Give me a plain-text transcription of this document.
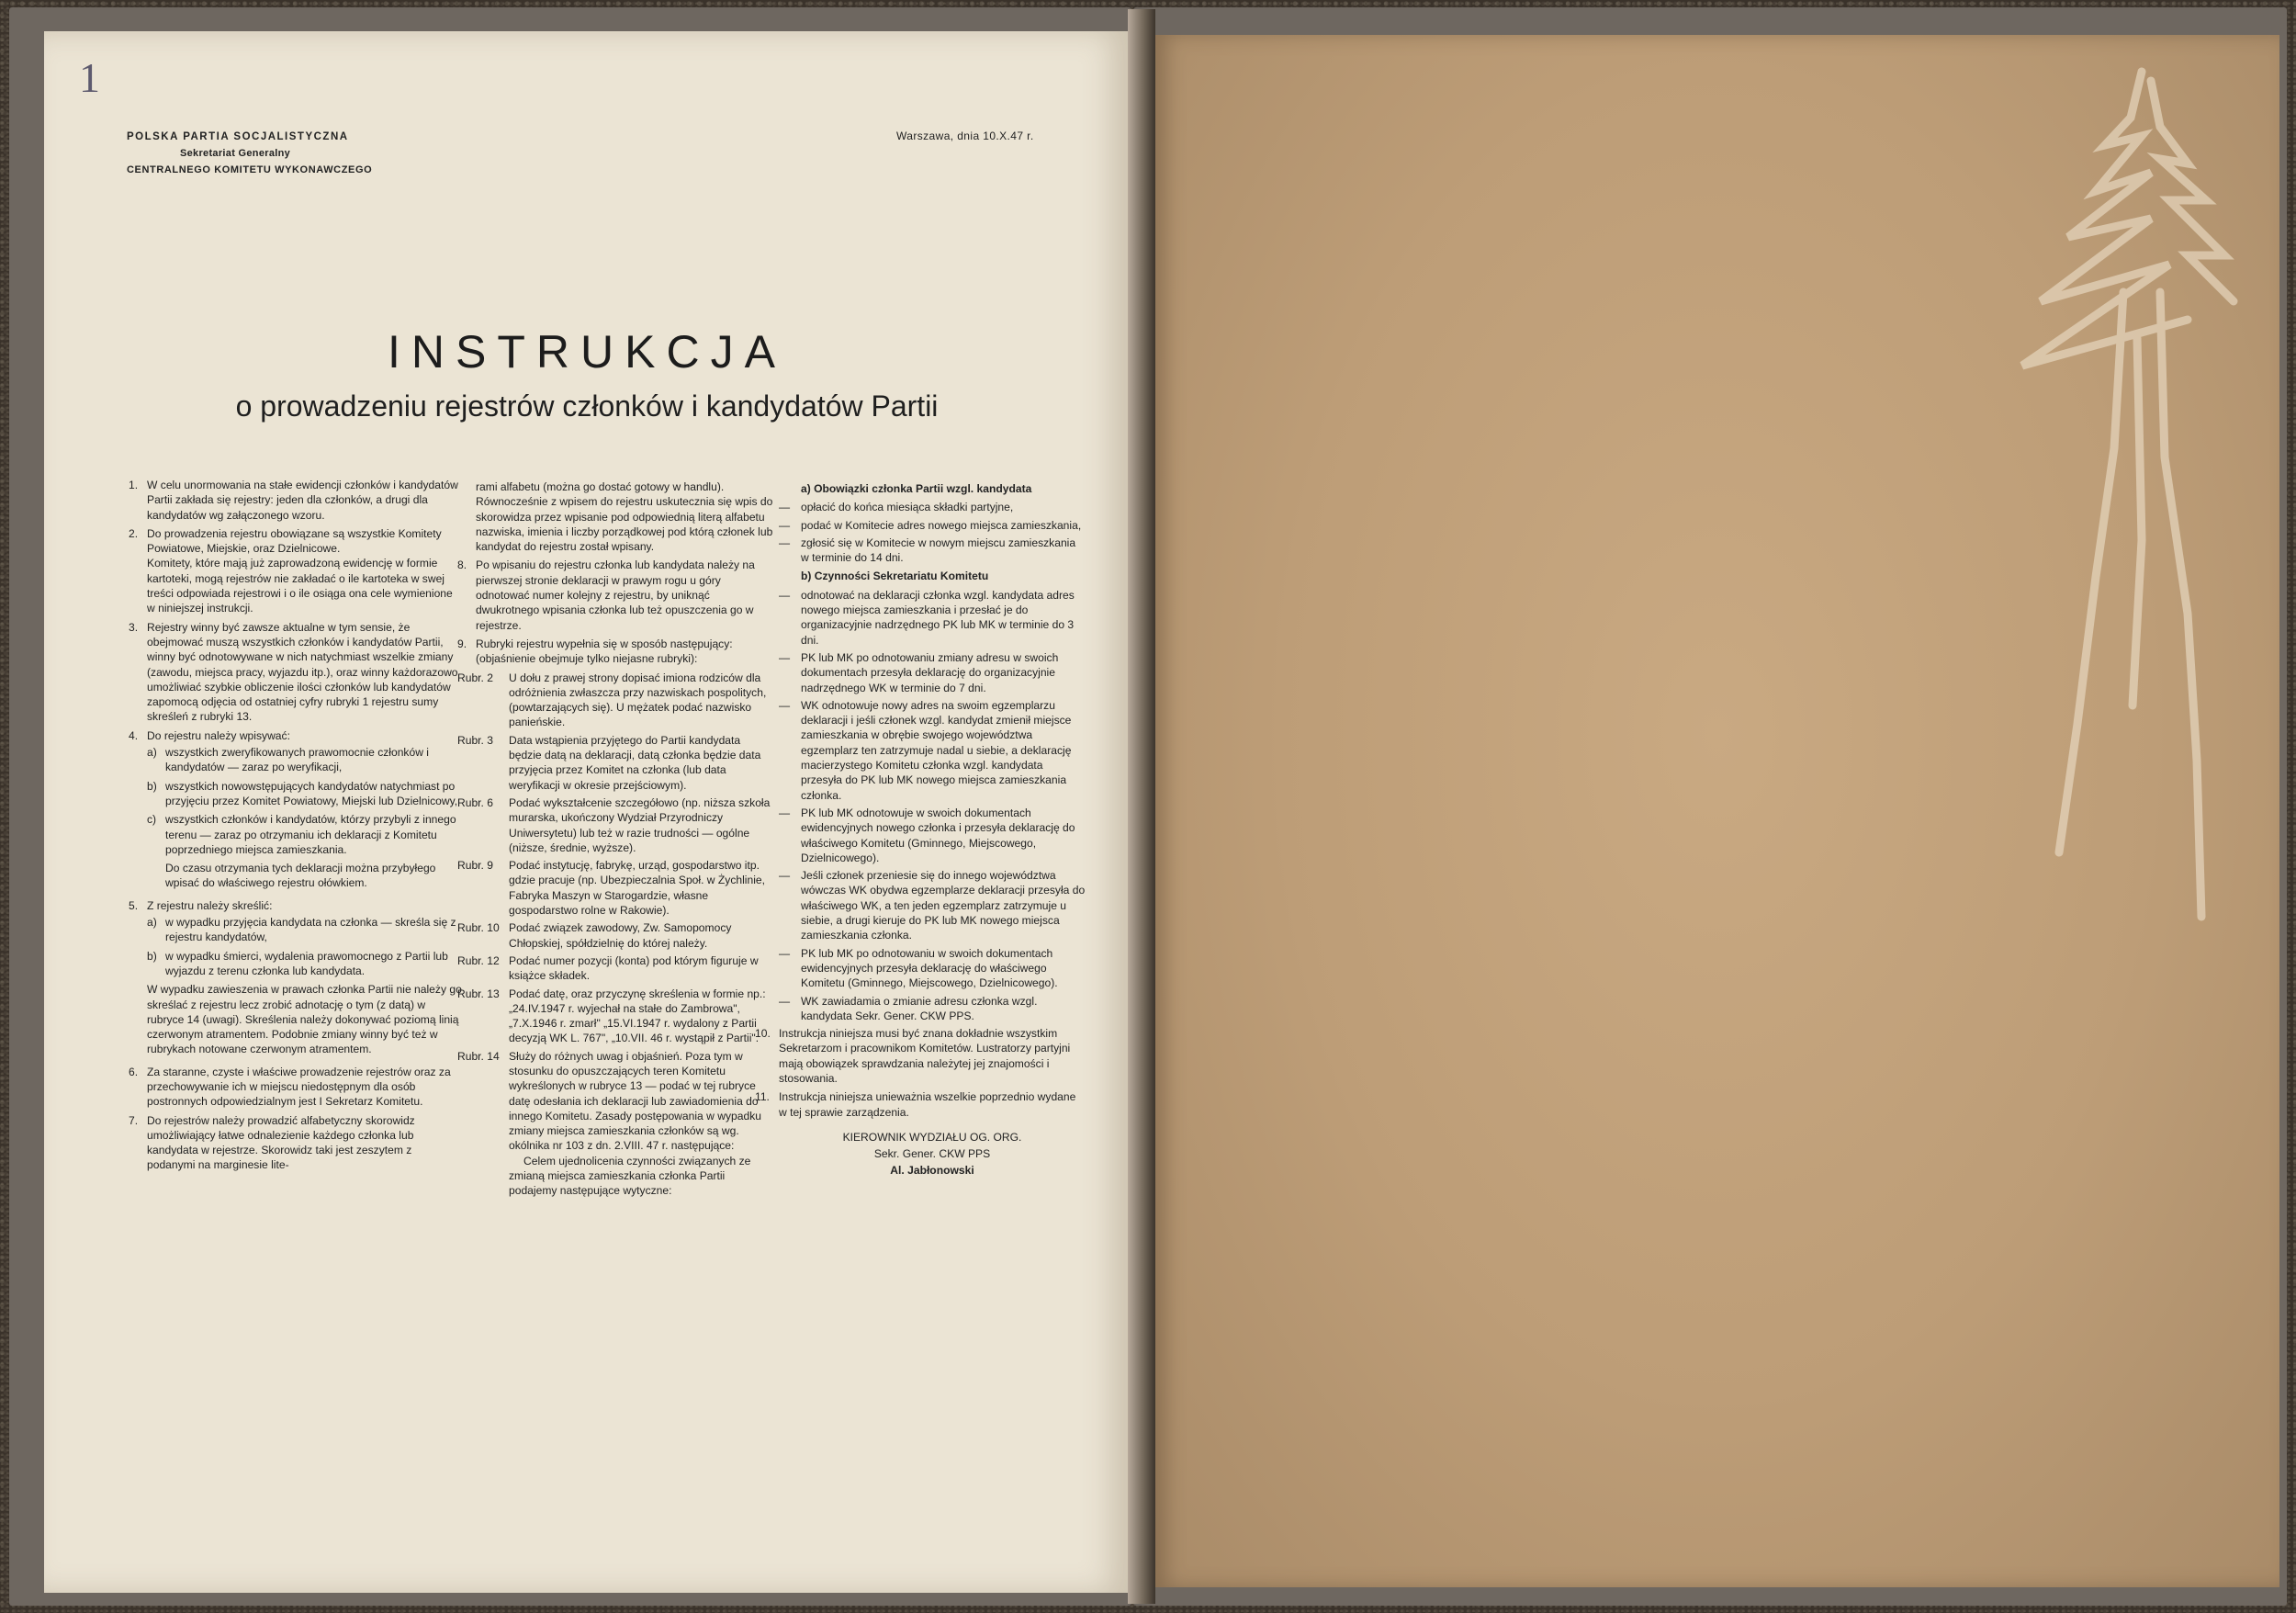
1
POLSKA PARTIA SOCJALISTYCZNA
Sekretariat Generalny
CENTRALNEGO KOMITETU WYKONAWCZEGO
Warszawa, dnia 10.X.47 r.
INSTRUKCJA
o prowadzeniu rejestrów członków i kandydatów Partii
1. W celu unormowania na stałe ewidencji członków i kandydatów Partii zakłada się rejestry: jeden dla członków, a drugi dla kandydatów wg załączonego wzoru.
2. Do prowadzenia rejestru obowiązane są wszystkie Komitety Powiatowe, Miejskie, oraz Dzielnicowe.
Komitety, które mają już zaprowadzoną ewidencję w formie kartoteki, mogą rejestrów nie zakładać o ile kartoteka w swej treści odpowiada rejestrowi i o ile osiąga ona cele wymienione w niniejszej instrukcji.
3. Rejestry winny być zawsze aktualne w tym sensie, że obejmować muszą wszystkich członków i kandydatów Partii, winny być odnotowywane w nich natychmiast wszelkie zmiany (zawodu, miejsca pracy, wyjazdu itp.), oraz winny każdorazowo umożliwiać szybkie obliczenie ilości członków lub kandydatów zapomocą odjęcia od ostatniej cyfry rubryki 1 rejestru sumy skreśleń z rubryki 13.
4. Do rejestru należy wpisywać:
a) wszystkich zweryfikowanych prawomocnie członków i kandydatów — zaraz po weryfikacji,
b) wszystkich nowowstępujących kandydatów natychmiast po przyjęciu przez Komitet Powiatowy, Miejski lub Dzielnicowy,
c) wszystkich członków i kandydatów, którzy przybyli z innego terenu — zaraz po otrzymaniu ich deklaracji z Komitetu poprzedniego miejsca zamieszkania.
Do czasu otrzymania tych deklaracji można przybyłego wpisać do właściwego rejestru ołówkiem.
5. Z rejestru należy skreślić:
a) w wypadku przyjęcia kandydata na członka — skreśla się z rejestru kandydatów,
b) w wypadku śmierci, wydalenia prawomocnego z Partii lub wyjazdu z terenu członka lub kandydata.
W wypadku zawieszenia w prawach członka Partii nie należy go skreślać z rejestru lecz zrobić adnotację o tym (z datą) w rubryce 14 (uwagi). Skreślenia należy dokonywać poziomą linią czerwonym atramentem. Podobnie zmiany winny być też w rubrykach notowane czerwonym atramentem.
6. Za staranne, czyste i właściwe prowadzenie rejestrów oraz za przechowywanie ich w miejscu niedostępnym dla osób postronnych odpowiedzialnym jest I Sekretarz Komitetu.
7. Do rejestrów należy prowadzić alfabetyczny skorowidz umożliwiający łatwe odnalezienie każdego członka lub kandydata w rejestrze. Skorowidz taki jest zeszytem z podanymi na marginesie lite-
rami alfabetu (można go dostać gotowy w handlu). Równocześnie z wpisem do rejestru uskutecznia się wpis do skorowidza przez wpisanie pod odpowiednią literą alfabetu nazwiska, imienia i liczby porządkowej pod którą członek lub kandydat do rejestru został wpisany.
8. Po wpisaniu do rejestru członka lub kandydata należy na pierwszej stronie deklaracji w prawym rogu u góry odnotować numer kolejny z rejestru, by uniknąć dwukrotnego wpisania członka lub też opuszczenia go w rejestrze.
9. Rubryki rejestru wypełnia się w sposób następujący: (objaśnienie obejmuje tylko niejasne rubryki):
Rubr. 2	U dołu z prawej strony dopisać imiona rodziców dla odróżnienia zwłaszcza przy nazwiskach pospolitych, (powtarzających się). U mężatek podać nazwisko panieńskie.
Rubr. 3	Data wstąpienia przyjętego do Partii kandydata będzie datą na deklaracji, datą członka będzie data przyjęcia przez Komitet na członka (lub data weryfikacji w okresie przejściowym).
Rubr. 6	Podać wykształcenie szczegółowo (np. niższa szkoła murarska, ukończony Wydział Przyrodniczy Uniwersytetu) lub też w razie trudności — ogólne (niższe, średnie, wyższe).
Rubr. 9	Podać instytucję, fabrykę, urząd, gospodarstwo itp. gdzie pracuje (np. Ubezpieczalnia Społ. w Żychlinie, Fabryka Maszyn w Starogardzie, własne gospodarstwo rolne w Rakowie).
Rubr. 10 Podać związek zawodowy, Zw. Samopomocy Chłopskiej, spółdzielnię do której należy.
Rubr. 12 Podać numer pozycji (konta) pod którym figuruje w książce składek.
Rubr. 13 Podać datę, oraz przyczynę skreślenia w formie np.: „24.IV.1947 r. wyjechał na stałe do Zambrowa", „7.X.1946 r. zmarł" „15.VI.1947 r. wydalony z Partii decyzją WK L. 767", „10.VII. 46 r. wystąpił z Partii".
Rubr. 14 Służy do różnych uwag i objaśnień. Poza tym w stosunku do opuszczających teren Komitetu wykreślonych w rubryce 13 — podać w tej rubryce datę odesłania ich deklaracji lub zawiadomienia do innego Komitetu. Zasady postępowania w wypadku zmiany miejsca zamieszkania członków są wg. okólnika nr 103 z dn. 2.VIII. 47 r. następujące:
Celem ujednolicenia czynności związanych ze zmianą miejsca zamieszkania członka Partii podajemy następujące wytyczne:
a) Obowiązki członka Partii wzgl. kandydata
— opłacić do końca miesiąca składki partyjne,
— podać w Komitecie adres nowego miejsca zamieszkania,
— zgłosić się w Komitecie w nowym miejscu zamieszkania w terminie do 14 dni.
b) Czynności Sekretariatu Komitetu
— odnotować na deklaracji członka wzgl. kandydata adres nowego miejsca zamieszkania i przesłać je do organizacyjnie nadrzędnego PK lub MK w terminie do 3 dni.
— PK lub MK po odnotowaniu zmiany adresu w swoich dokumentach przesyła deklarację do organizacyjnie nadrzędnego WK w terminie do 7 dni.
— WK odnotowuje nowy adres na swoim egzemplarzu deklaracji i jeśli członek wzgl. kandydat zmienił miejsce zamieszkania w obrębie swojego województwa egzemplarz ten zatrzymuje nadal u siebie, a deklarację macierzystego Komitetu członka wzgl. kandydata przesyła do PK lub MK nowego miejsca zamieszkania członka.
— PK lub MK odnotowuje w swoich dokumentach ewidencyjnych nowego członka i przesyła deklarację do właściwego Komitetu (Gminnego, Miejscowego, Dzielnicowego).
— Jeśli członek przeniesie się do innego województwa wówczas WK obydwa egzemplarze deklaracji przesyła do właściwego WK, a ten jeden egzemplarz zatrzymuje u siebie, a drugi kieruje do PK lub MK nowego miejsca zamieszkania członka.
— PK lub MK po odnotowaniu w swoich dokumentach ewidencyjnych przesyła deklarację do właściwego Komitetu (Gminnego, Miejscowego, Dzielnicowego).
— WK zawiadamia o zmianie adresu członka wzgl. kandydata Sekr. Gener. CKW PPS.
10. Instrukcja niniejsza musi być znana dokładnie wszystkim Sekretarzom i pracownikom Komitetów. Lustratorzy partyjni mają obowiązek sprawdzania należytej jej znajomości i stosowania.
11. Instrukcja niniejsza unieważnia wszelkie poprzednio wydane w tej sprawie zarządzenia.
KIEROWNIK WYDZIAŁU OG. ORG.
Sekr. Gener. CKW PPS
Al. Jabłonowski
